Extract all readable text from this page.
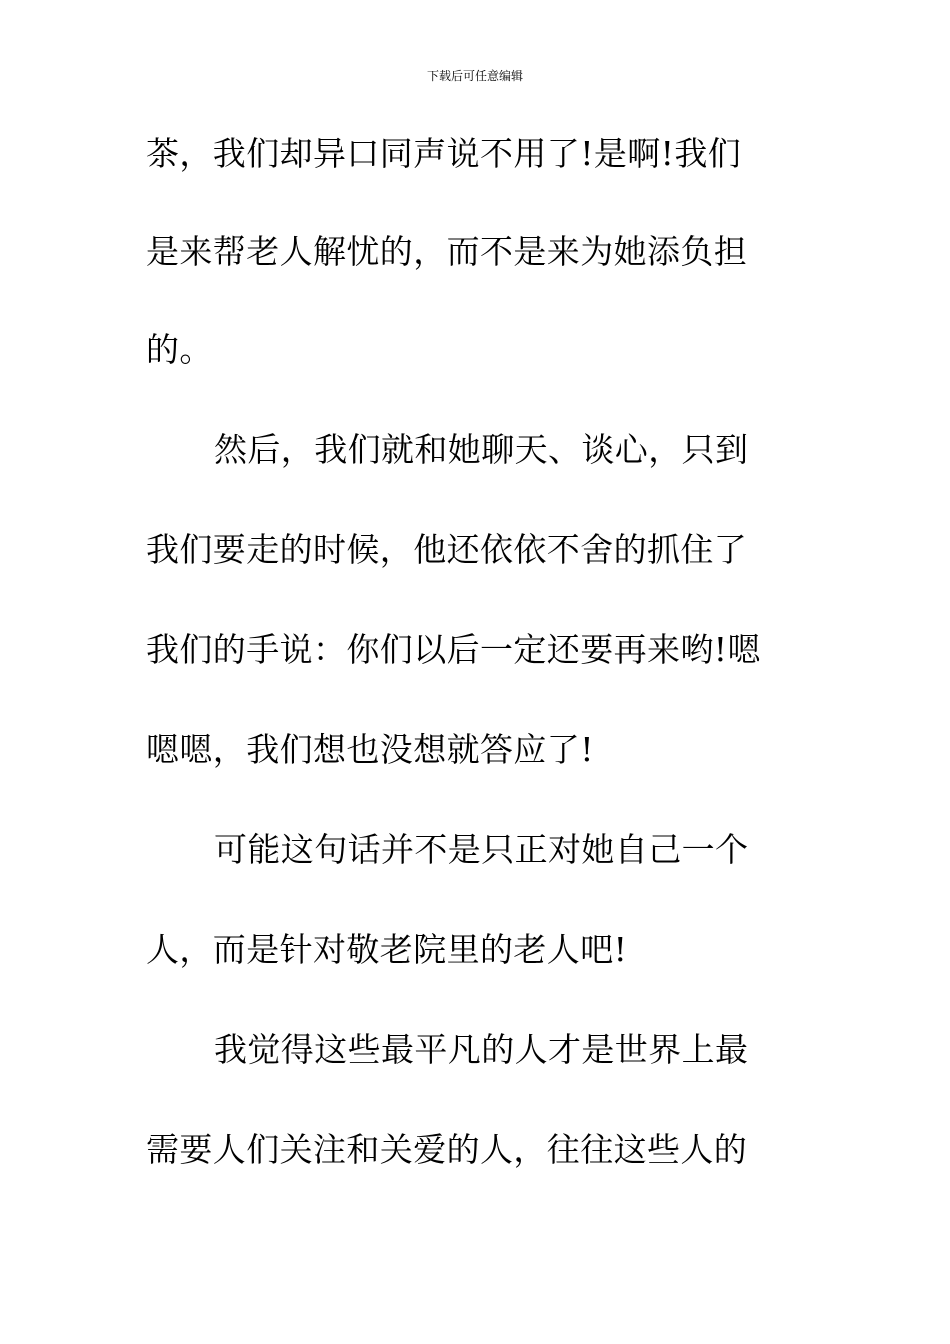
下载后可任意编辑
茶，我们却异口同声说不用了!是啊!我们
是来帮老人解忧的，而不是来为她添负担
的。
然后，我们就和她聊天、谈心，只到
我们要走的时候，他还依依不舍的抓住了
我们的手说：你们以后一定还要再来哟!嗯
嗯嗯，我们想也没想就答应了!
可能这句话并不是只正对她自己一个
人，而是针对敬老院里的老人吧!
我觉得这些最平凡的人才是世界上最
需要人们关注和关爱的人，往往这些人的
